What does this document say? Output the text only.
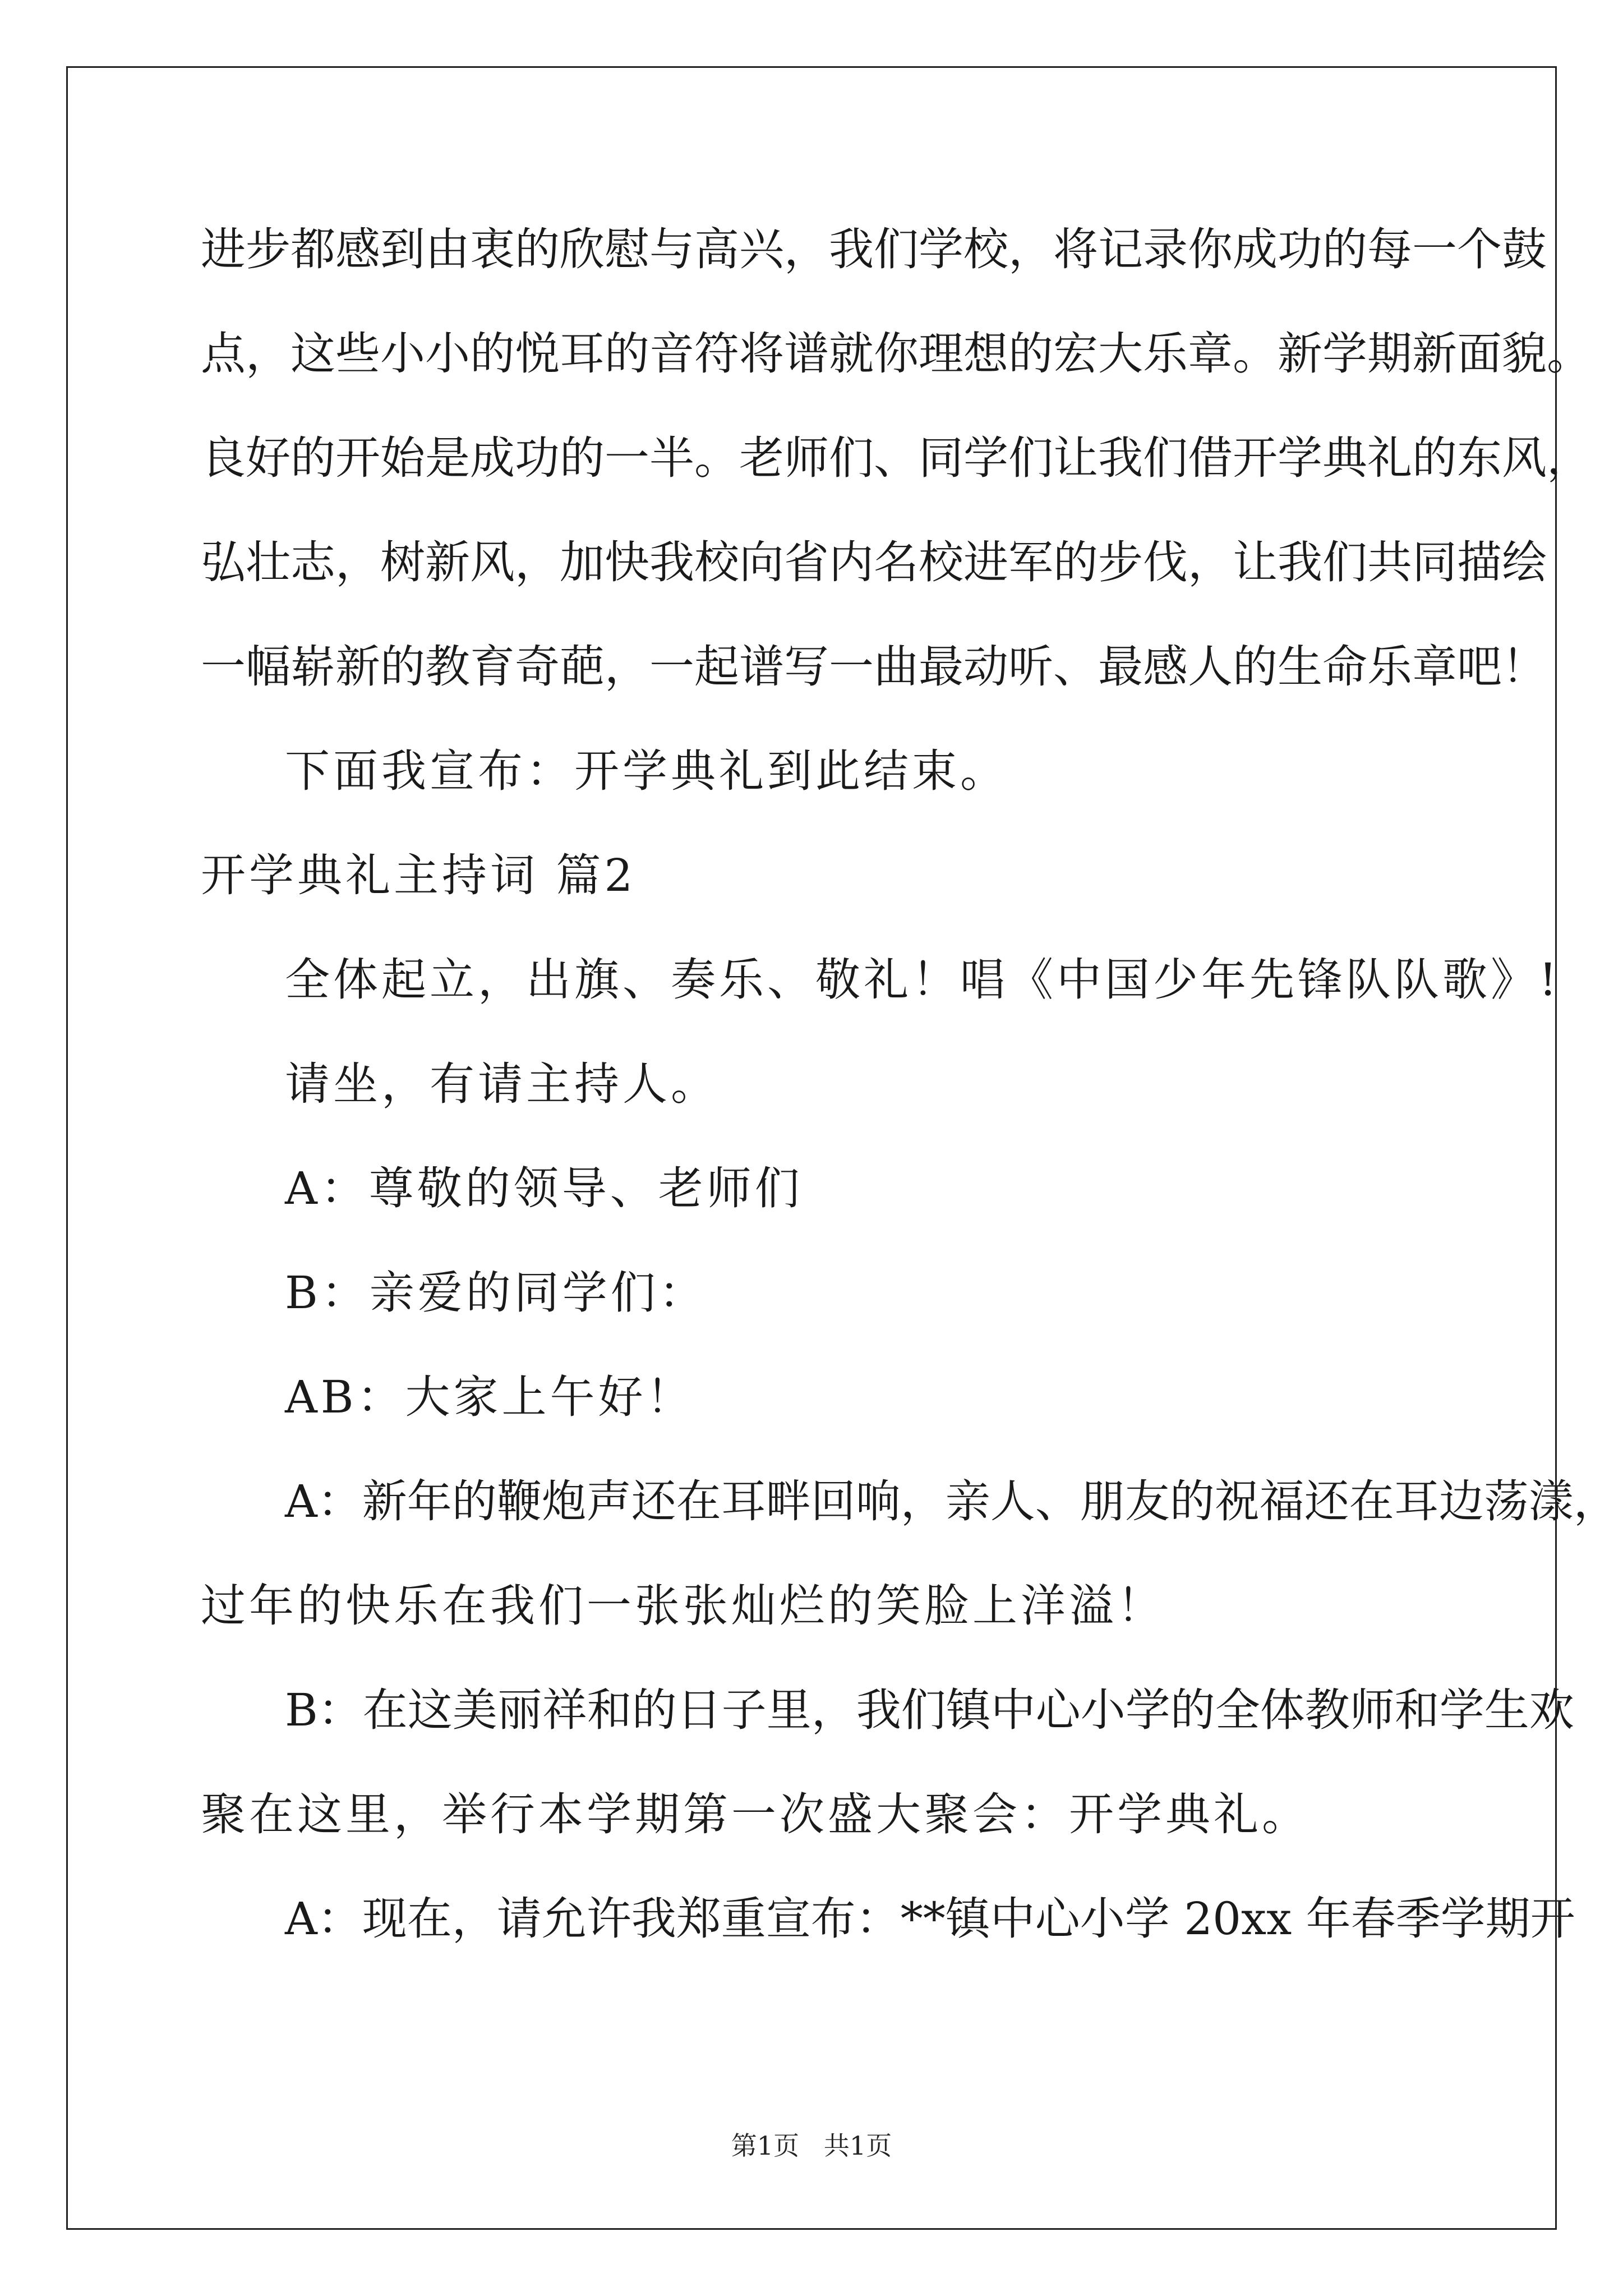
进步都感到由衷的欣慰与高兴，我们学校，将记录你成功的每一个鼓
点，这些小小的悦耳的音符将谱就你理想的宏大乐章。新学期新面貌。
良好的开始是成功的一半。老师们、同学们让我们借开学典礼的东风，
弘壮志，树新风，加快我校向省内名校进军的步伐，让我们共同描绘
一幅崭新的教育奇葩，一起谱写一曲最动听、最感人的生命乐章吧！
下面我宣布：开学典礼到此结束。
开学典礼主持词 篇2
全体起立，出旗、奏乐、敬礼！唱《中国少年先锋队队歌》!
请坐，有请主持人。
A：尊敬的领导、老师们
B：亲爱的同学们：
AB：大家上午好！
A：新年的鞭炮声还在耳畔回响，亲人、朋友的祝福还在耳边荡漾，
过年的快乐在我们一张张灿烂的笑脸上洋溢！
B：在这美丽祥和的日子里，我们镇中心小学的全体教师和学生欢
聚在这里，举行本学期第一次盛大聚会：开学典礼。
A：现在，请允许我郑重宣布：**镇中心小学 20xx 年春季学期开
第1页   共1页
